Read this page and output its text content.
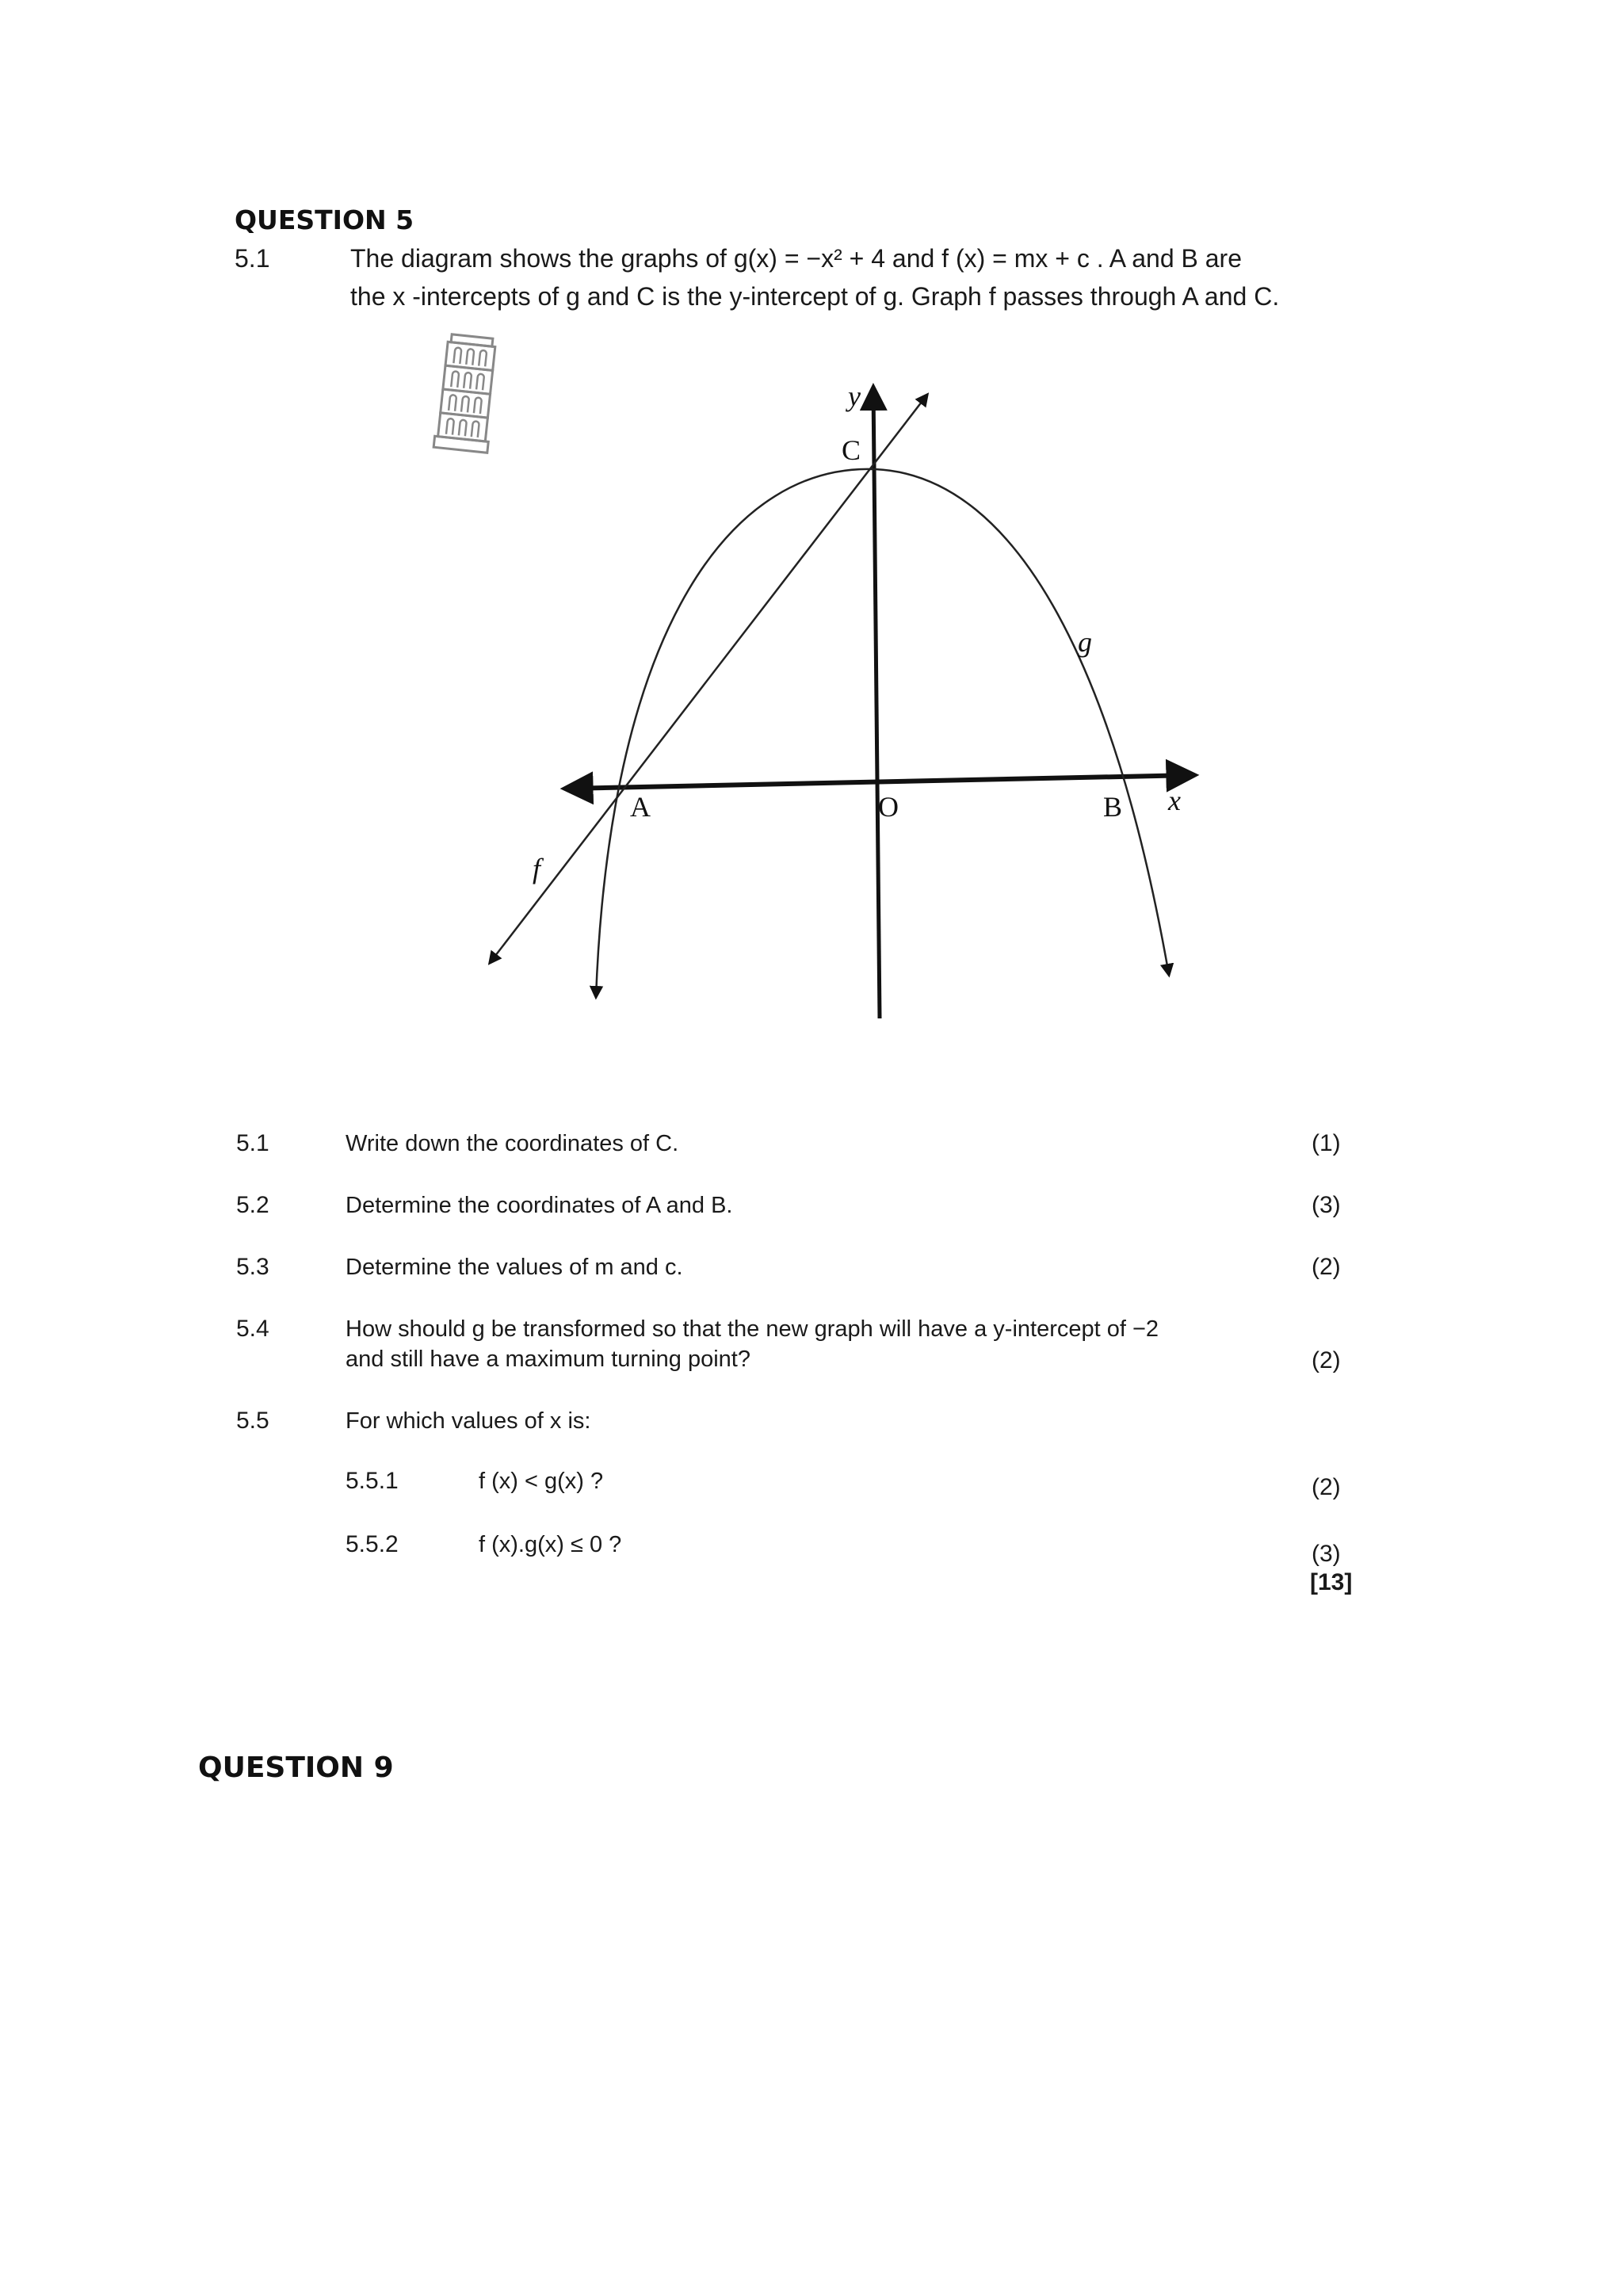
QUESTION 5
5.1	The diagram shows the graphs of g(x) = −x² + 4 and f (x) = mx + c . A and B are
the x -intercepts of g and C is the y-intercept of g. Graph f passes through A and C.
y
C
g
A	O	B x
f
5.1	Write down the coordinates of C.	(1)
5.2	Determine the coordinates of A and B.	(3)
5.3	Determine the values of m and c.	(2)
5.4	How should g be transformed so that the new graph will have a y-intercept of −2
and still have a maximum turning point?	(2)
5.5	For which values of x is:
5.5.1	f (x) < g(x) ?	(2)
5.5.2	f (x).g(x) ≤ 0 ?	(3)
[13]
QUESTION 9
